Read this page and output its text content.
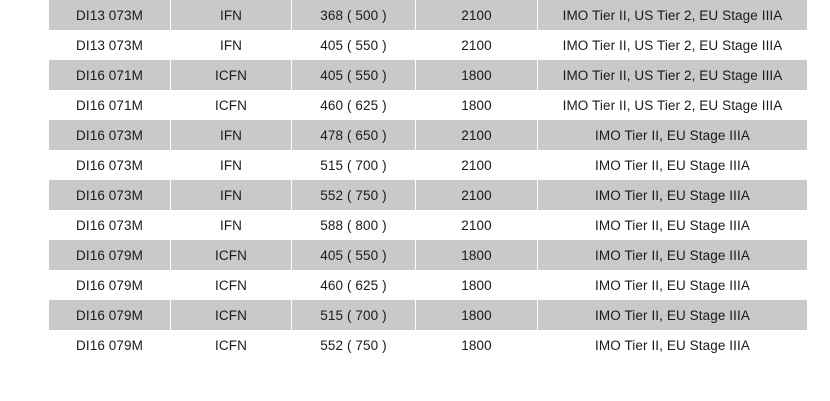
DI13 073M	IFN	368 ( 500 )	2100	IMO Tier II, US Tier 2, EU Stage IIIA
DI13 073M	IFN	405 ( 550 )	2100	IMO Tier II, US Tier 2, EU Stage IIIA
DI16 071M	ICFN	405 ( 550 )	1800	IMO Tier II, US Tier 2, EU Stage IIIA
DI16 071M	ICFN	460 ( 625 )	1800	IMO Tier II, US Tier 2, EU Stage IIIA
DI16 073M	IFN	478 ( 650 )	2100	IMO Tier II, EU Stage IIIA
DI16 073M	IFN	515 ( 700 )	2100	IMO Tier II, EU Stage IIIA
DI16 073M	IFN	552 ( 750 )	2100	IMO Tier II, EU Stage IIIA
DI16 073M	IFN	588 ( 800 )	2100	IMO Tier II, EU Stage IIIA
DI16 079M	ICFN	405 ( 550 )	1800	IMO Tier II, EU Stage IIIA
DI16 079M	ICFN	460 ( 625 )	1800	IMO Tier II, EU Stage IIIA
DI16 079M	ICFN	515 ( 700 )	1800	IMO Tier II, EU Stage IIIA
DI16 079M	ICFN	552 ( 750 )	1800	IMO Tier II, EU Stage IIIA
